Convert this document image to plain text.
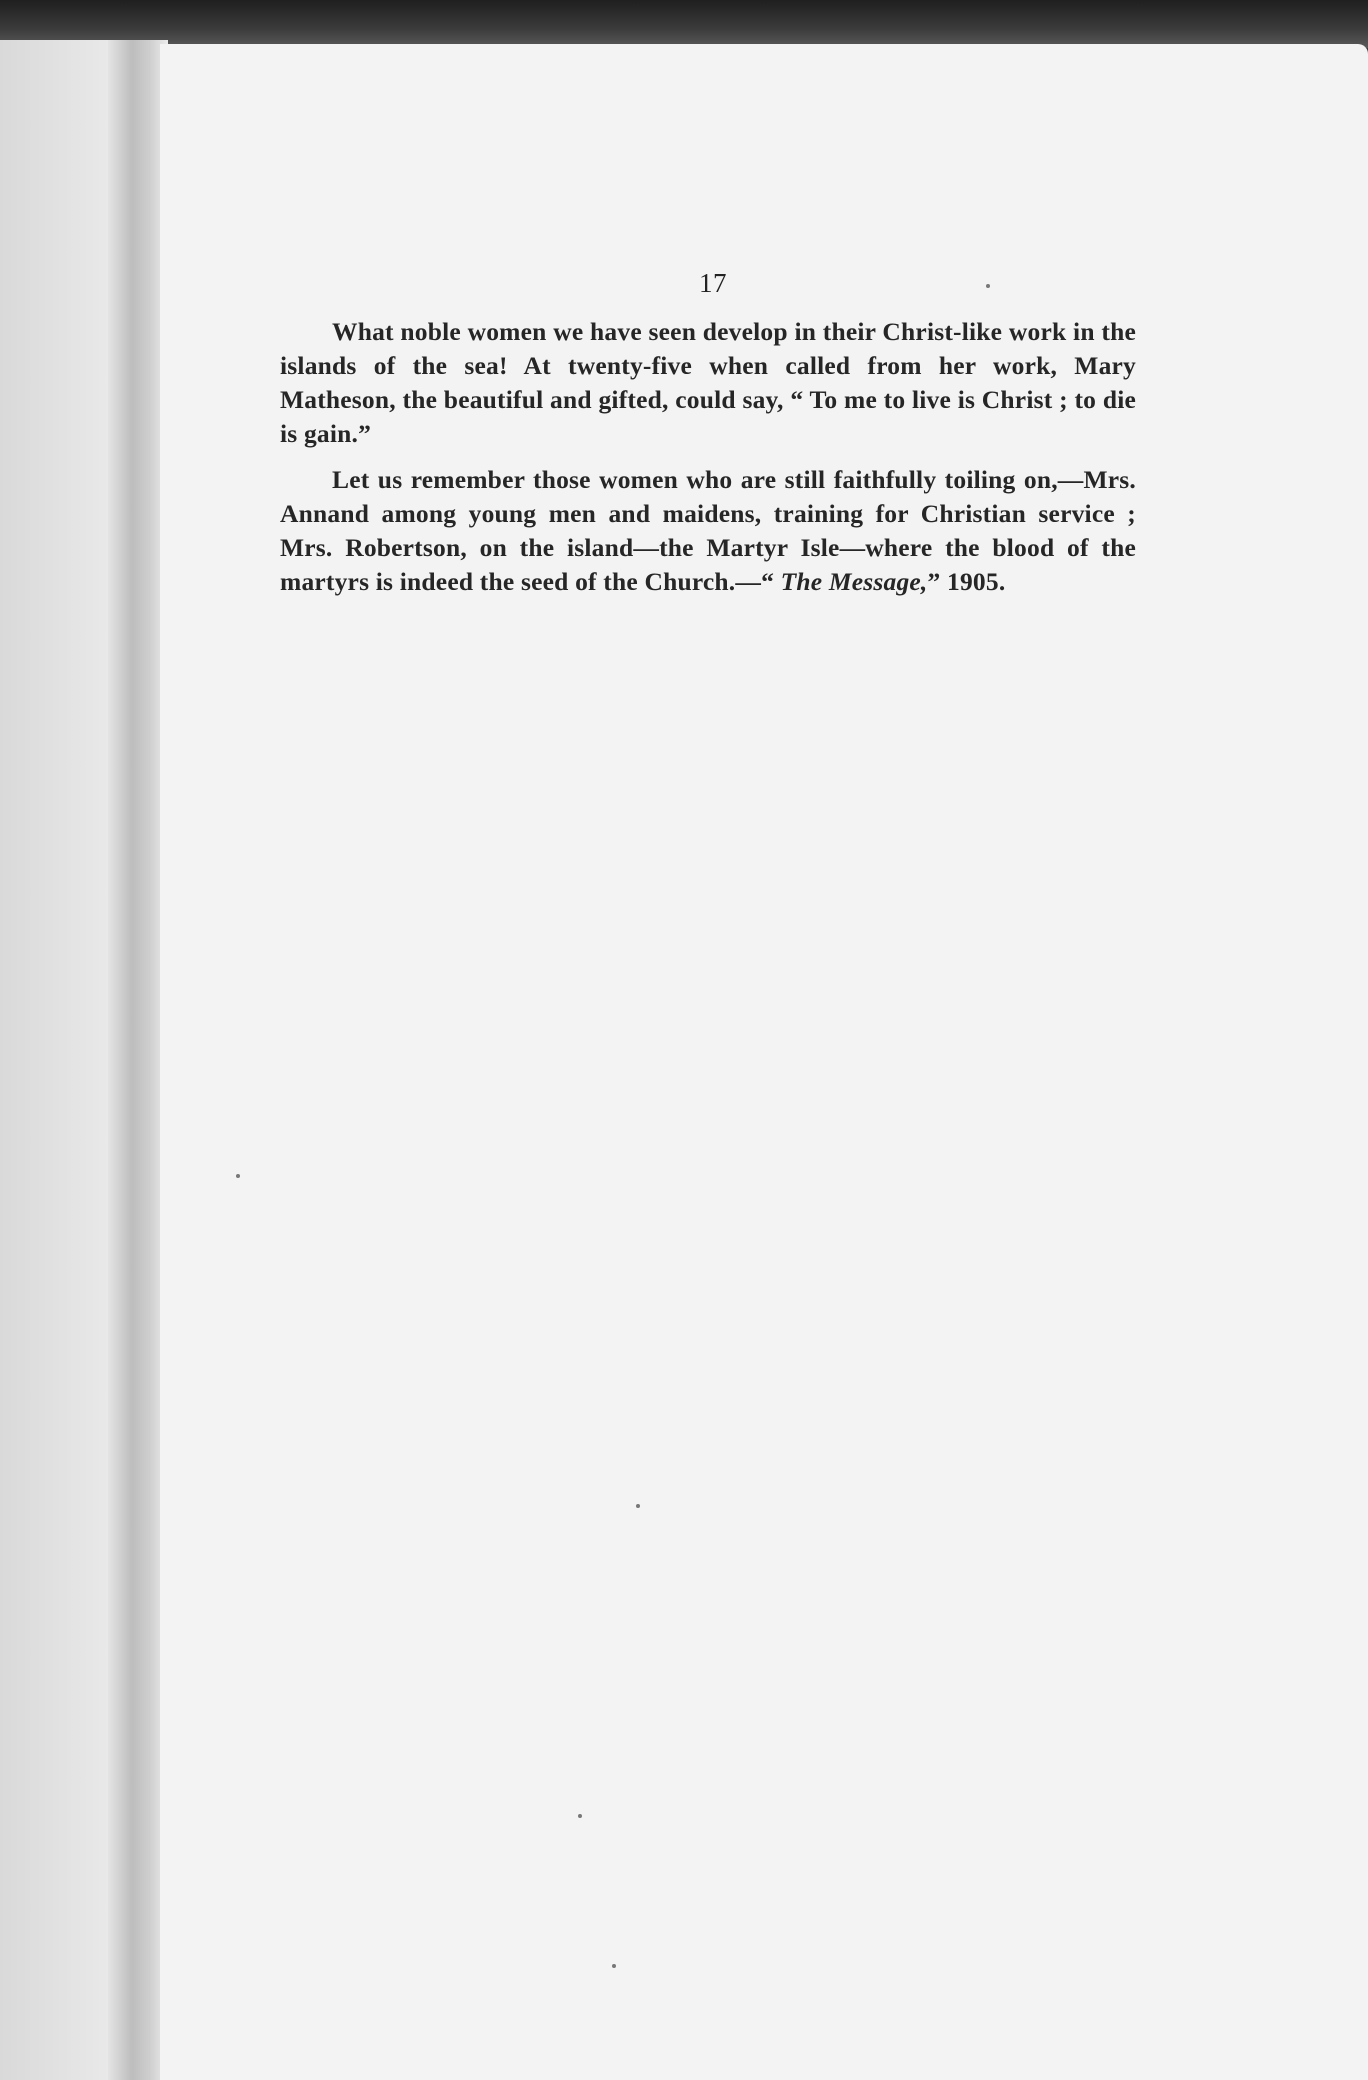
17

What noble women we have seen develop in their Christ-like work in the islands of the sea! At twenty-five when called from her work, Mary Matheson, the beautiful and gifted, could say, “ To me to live is Christ ; to die is gain.”

Let us remember those women who are still faithfully toiling on,—Mrs. Annand among young men and maidens, training for Christian service ; Mrs. Robertson, on the island—the Martyr Isle—where the blood of the martyrs is indeed the seed of the Church.—“ The Message,” 1905.
